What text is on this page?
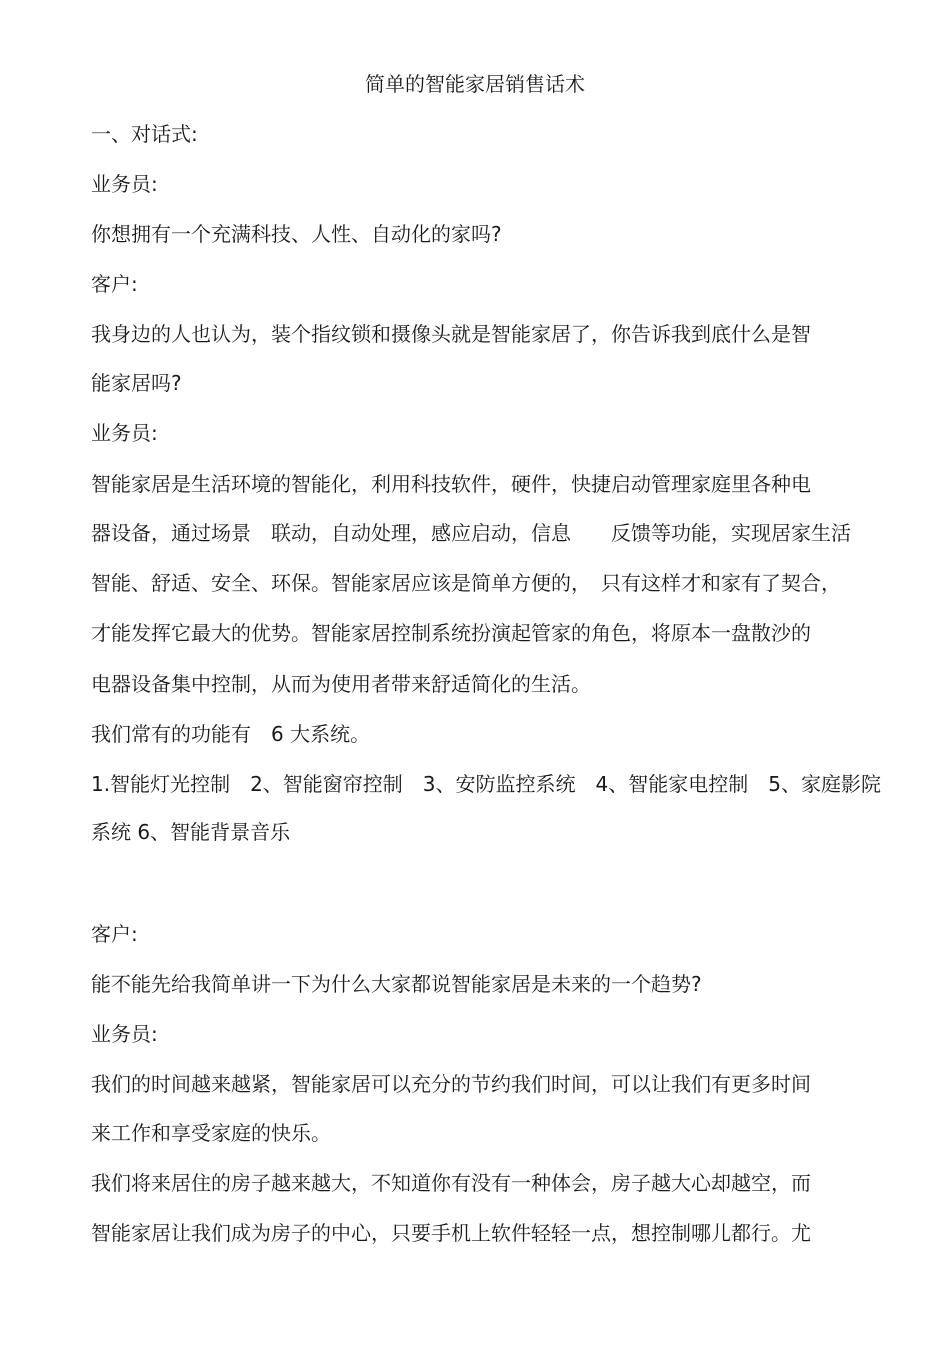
简单的智能家居销售话术
一、对话式:
业务员:
你想拥有一个充满科技、人性、自动化的家吗?
客户:
我身边的人也认为，装个指纹锁和摄像头就是智能家居了，你告诉我到底什么是智
能家居吗?
业务员:
智能家居是生活环境的智能化，利用科技软件，硬件，快捷启动管理家庭里各种电
器设备，通过场景　联动，自动处理，感应启动，信息　　反馈等功能，实现居家生活
智能、舒适、安全、环保。智能家居应该是简单方便的，　只有这样才和家有了契合，
才能发挥它最大的优势。智能家居控制系统扮演起管家的角色，将原本一盘散沙的
电器设备集中控制，从而为使用者带来舒适简化的生活。
我们常有的功能有　6 大系统。
1.智能灯光控制　2、智能窗帘控制　3、安防监控系统　4、智能家电控制　5、家庭影院
系统 6、智能背景音乐
客户:
能不能先给我简单讲一下为什么大家都说智能家居是未来的一个趋势?
业务员:
我们的时间越来越紧，智能家居可以充分的节约我们时间，可以让我们有更多时间
来工作和享受家庭的快乐。
我们将来居住的房子越来越大，不知道你有没有一种体会，房子越大心却越空，而
智能家居让我们成为房子的中心，只要手机上软件轻轻一点，想控制哪儿都行。尤
